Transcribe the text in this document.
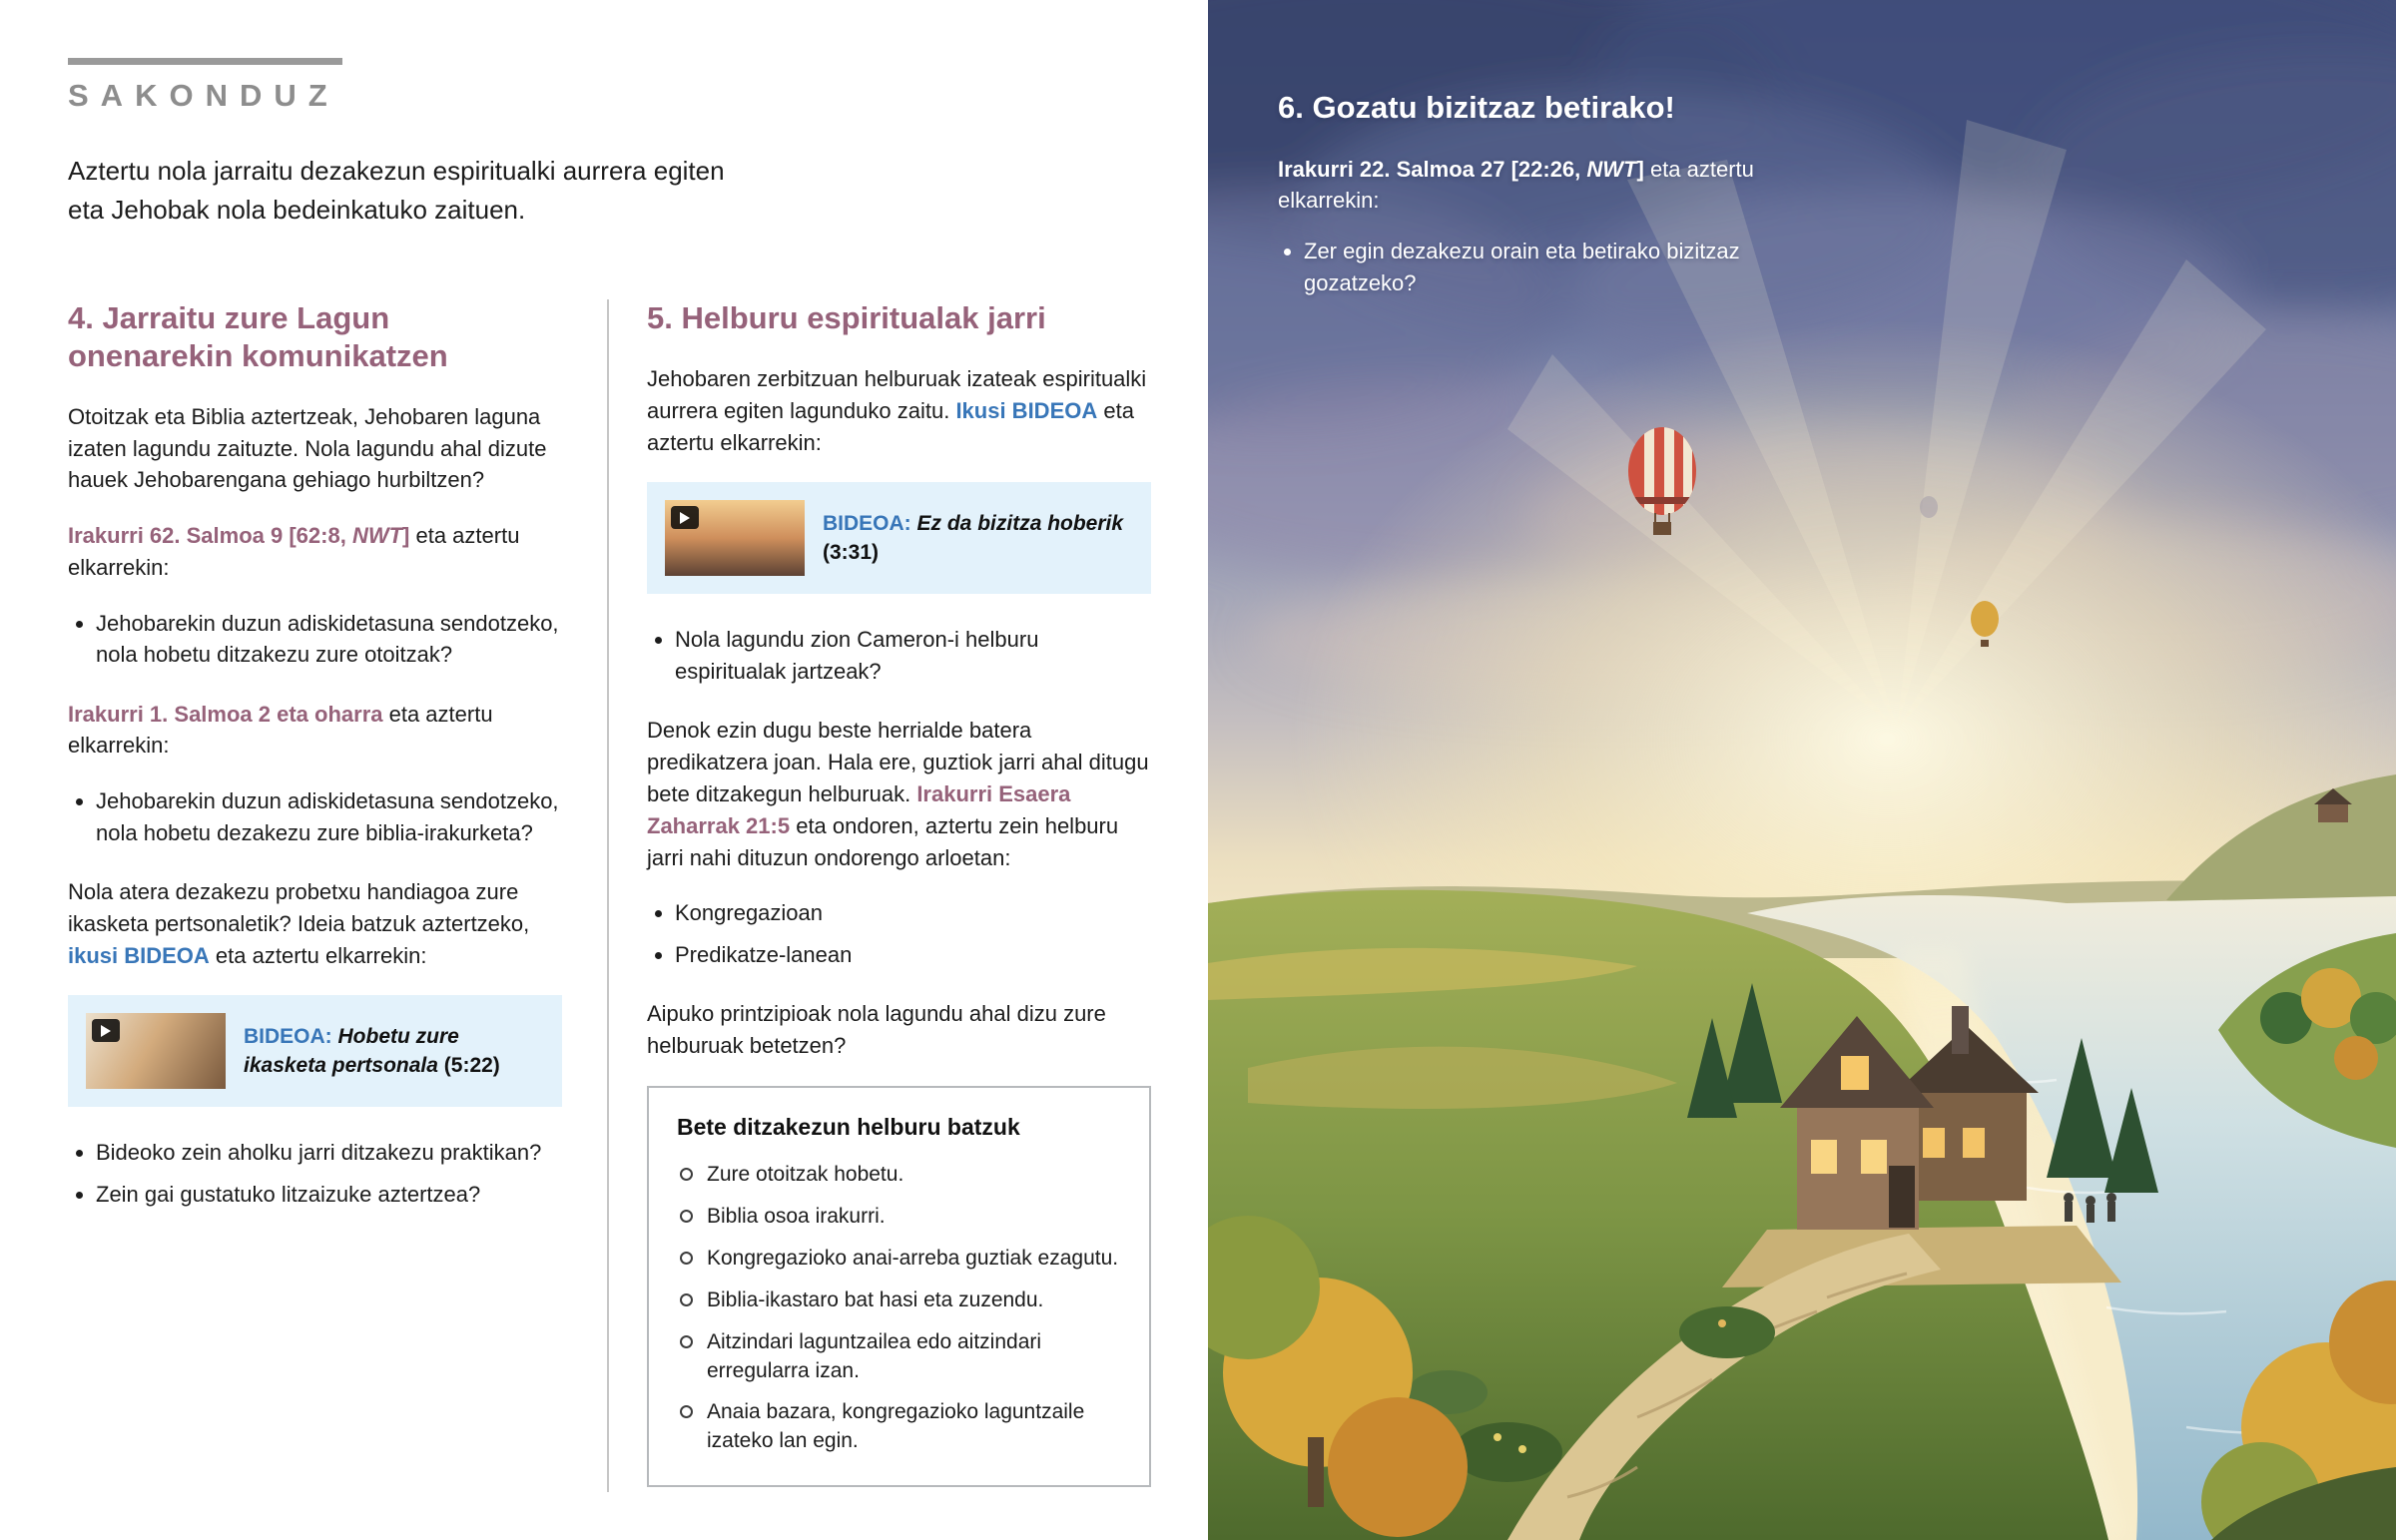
SAKONDUZ

Aztertu nola jarraitu dezakezun espiritualki aurrera egiten eta Jehobak nola bedeinkatuko zaituen.

4. Jarraitu zure Lagun onenarekin komunikatzen

Otoitzak eta Biblia aztertzeak, Jehobaren laguna izaten lagundu zaituzte. Nola lagundu ahal dizute hauek Jehobarengana gehiago hurbiltzen?

Irakurri 62. Salmoa 9 [62:8, NWT] eta aztertu elkarrekin:

• Jehobarekin duzun adiskidetasuna sendotzeko, nola hobetu ditzakezu zure otoitzak?

Irakurri 1. Salmoa 2 eta oharra eta aztertu elkarrekin:

• Jehobarekin duzun adiskidetasuna sendotzeko, nola hobetu dezakezu zure biblia-irakurketa?

Nola atera dezakezu probetxu handiagoa zure ikasketa pertsonaletik? Ideia batzuk aztertzeko, ikusi BIDEOA eta aztertu elkarrekin:

BIDEOA: Hobetu zure ikasketa pertsonala (5:22)
• Bideoko zein aholku jarri ditzakezu praktikan?
• Zein gai gustatuko litzaizuke aztertzea?
5. Helburu espiritualak jarri

Jehobaren zerbitzuan helburuak izateak espiritualki aurrera egiten lagunduko zaitu. Ikusi BIDEOA eta aztertu elkarrekin:

BIDEOA: Ez da bizitza hoberik
(3:31)
• Nola lagundu zion Cameron-i helburu espiritualak jartzeak?

Denok ezin dugu beste herrialde batera predikatzera joan. Hala ere, guztiok jarri ahal ditugu bete ditzakegun helburuak. Irakurri Esaera Zaharrak 21:5 eta ondoren, aztertu zein helburu jarri nahi dituzun ondorengo arloetan:

• Kongregazioan
• Predikatze-lanean

Aipuko printzipioak nola lagundu ahal dizu zure helburuak betetzen?

Bete ditzakezun helburu batzuk
Zure otoitzak hobetu.
Biblia osoa irakurri.
Kongregazioko anai-arreba guztiak ezagutu.
Biblia-ikastaro bat hasi eta zuzendu.
Aitzindari laguntzailea edo aitzindari erregularra izan.
Anaia bazara, kongregazioko laguntzaile izateko lan egin.
6. Gozatu bizitzaz betirako!

Irakurri 22. Salmoa 27 [22:26, NWT] eta aztertu elkarrekin:

• Zer egin dezakezu orain eta betirako bizitzaz gozatzeko?
